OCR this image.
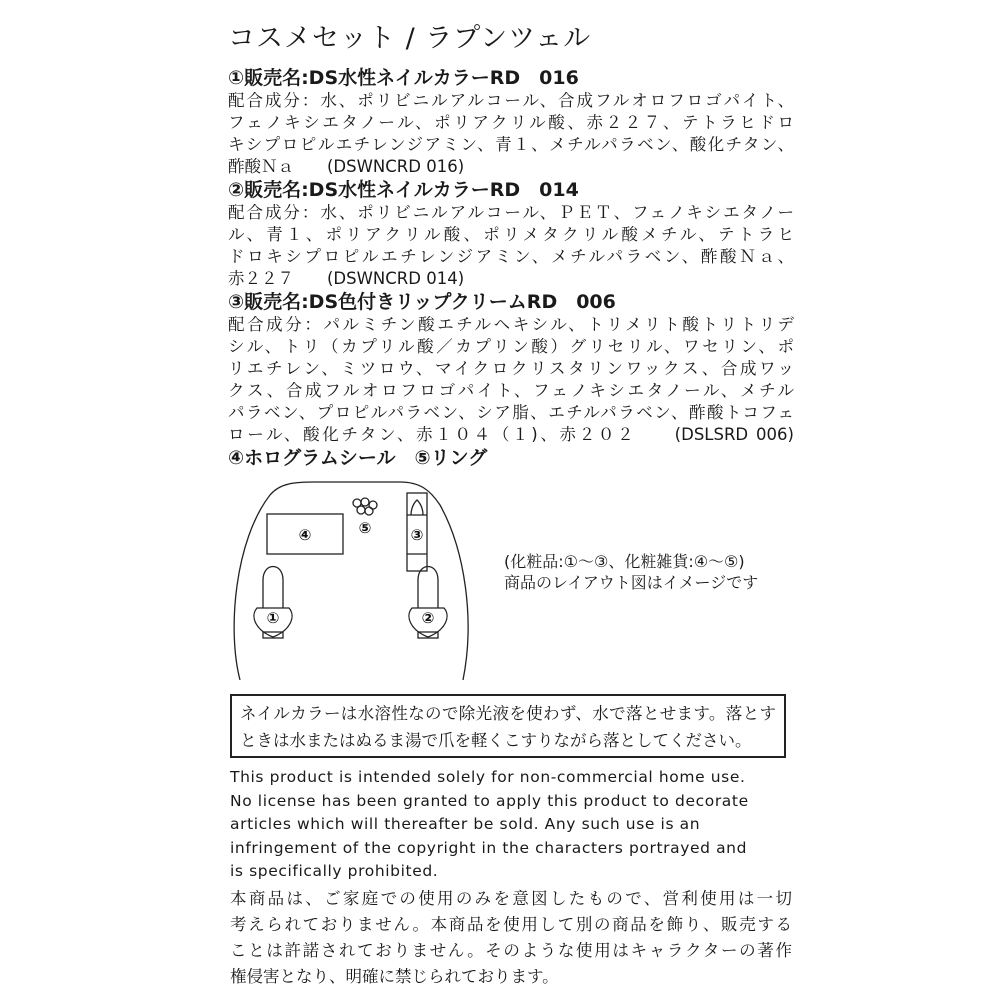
コスメセット / ラプンツェル
①販売名:DS水性ネイルカラーRD　016
配合成分：水、ポリビニルアルコール、合成フルオロフロゴパイト、
フェノキシエタノール、ポリアクリル酸、赤２２７、テトラヒドロ
キシプロピルエチレンジアミン、青１、メチルパラベン、酸化チタン、
酢酸Ｎａ　　(DSWNCRD 016)
②販売名:DS水性ネイルカラーRD　014
配合成分：水、ポリビニルアルコール、ＰＥＴ、フェノキシエタノー
ル、青１、ポリアクリル酸、ポリメタクリル酸メチル、テトラヒ
ドロキシプロピルエチレンジアミン、メチルパラベン、酢酸Ｎａ、
赤２２７　　(DSWNCRD 014)
③販売名:DS色付きリップクリームRD　006
配合成分：パルミチン酸エチルヘキシル、トリメリト酸トリトリデ
シル、トリ（カプリル酸／カプリン酸）グリセリル、ワセリン、ポ
リエチレン、ミツロウ、マイクロクリスタリンワックス、合成ワッ
クス、合成フルオロフロゴパイト、フェノキシエタノール、メチル
パラベン、プロピルパラベン、シア脂、エチルパラベン、酢酸トコフェ
ロール、酸化チタン、赤１０４（１)、赤２０２　　(DSLSRD 006)
④ホログラムシール　⑤リング
①	②
③
④	⑤
(化粧品:①～③、化粧雑貨:④～⑤)
商品のレイアウト図はイメージです
ネイルカラーは水溶性なので除光液を使わず、水で落とせます。落とす
ときは水またはぬるま湯で爪を軽くこすりながら落としてください。
This product is intended solely for non-commercial home use.
No license has been granted to apply this product to decorate
articles which will thereafter be sold. Any such use is an
infringement of the copyright in the characters portrayed and
is specifically prohibited.
本商品は、ご家庭での使用のみを意図したもので、営利使用は一切
考えられておりません。本商品を使用して別の商品を飾り、販売する
ことは許諾されておりません。そのような使用はキャラクターの著作
権侵害となり、明確に禁じられております。
